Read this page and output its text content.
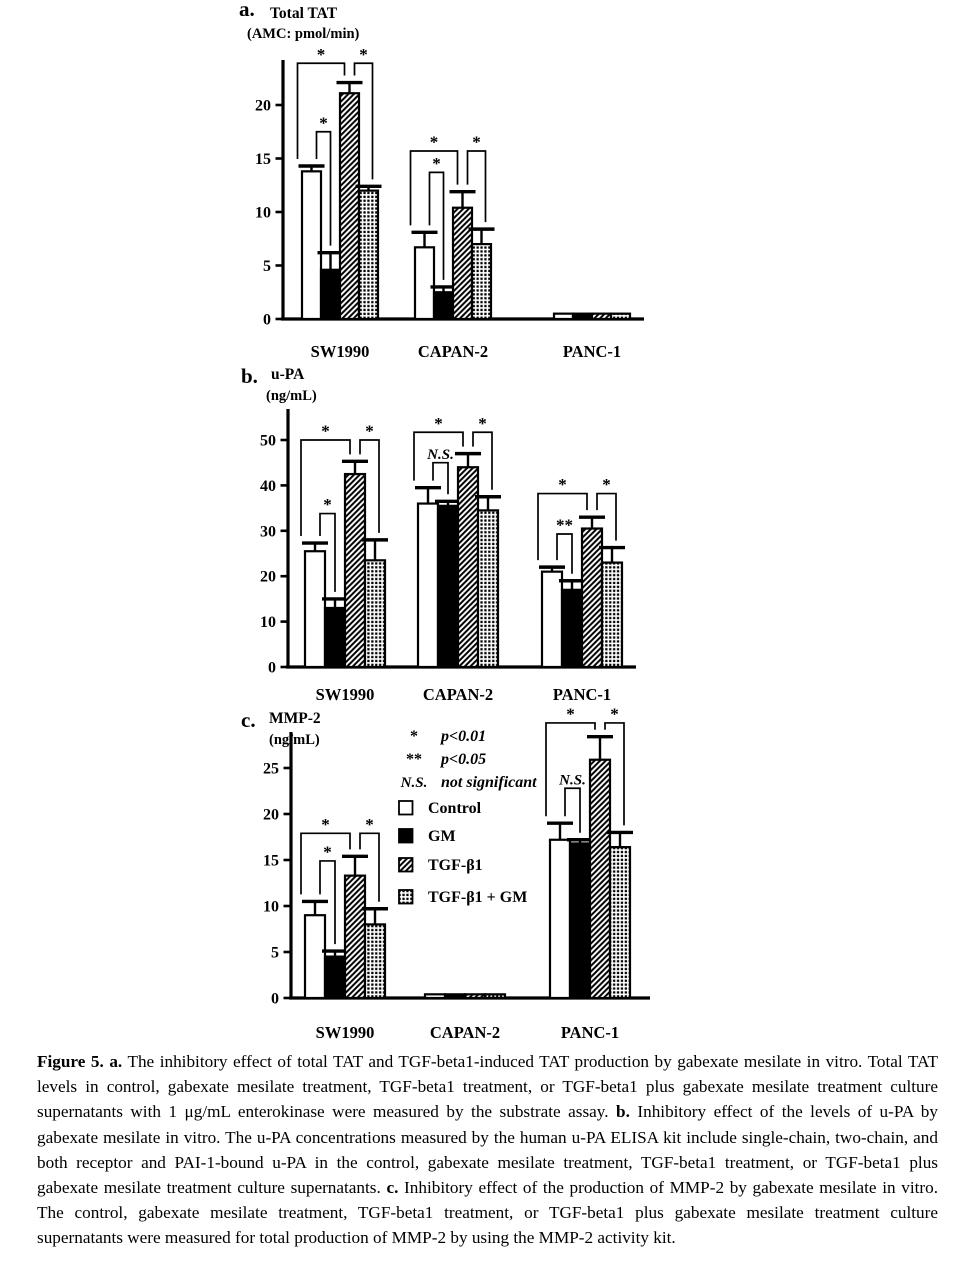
0
5
10
15
20
*
* *
*
* *
SW1990	CAPAN-2	PANC-1
a. Total TAT
(AMC: pmol/min)
0
10
20
30
40
50
*
* *
N.S.
* *
**
* *
SW1990	CAPAN-2	PANC-1
b. u-PA
(ng/mL)
0
5
10
15
20
25
*
* *
N.S.
* *
SW1990	CAPAN-2	PANC-1
c. MMP-2
(ng/mL)	* p<0.01
** p<0.05
N.S. not significant
Control
GM
TGF-β1
TGF-β1 + GM

Figure 5. a. The inhibitory effect of total TAT and TGF-beta1-induced TAT production by gabexate mesilate in vitro. Total TAT levels in control, gabexate mesilate treatment, TGF-beta1 treatment, or TGF-beta1 plus gabexate mesilate treatment culture supernatants with 1 μg/mL enterokinase were measured by the substrate assay. b. Inhibitory effect of the levels of u-PA by gabexate mesilate in vitro. The u-PA concentrations measured by the human u-PA ELISA kit include single-chain, two-chain, and both receptor and PAI-1-bound u-PA in the control, gabexate mesilate treatment, TGF-beta1 treatment, or TGF-beta1 plus gabexate mesilate treatment culture supernatants. c. Inhibitory effect of the production of MMP-2 by gabexate mesilate in vitro. The control, gabexate mesilate treatment, TGF-beta1 treatment, or TGF-beta1 plus gabexate mesilate treatment culture supernatants were measured for total production of MMP-2 by using the MMP-2 activity kit.
